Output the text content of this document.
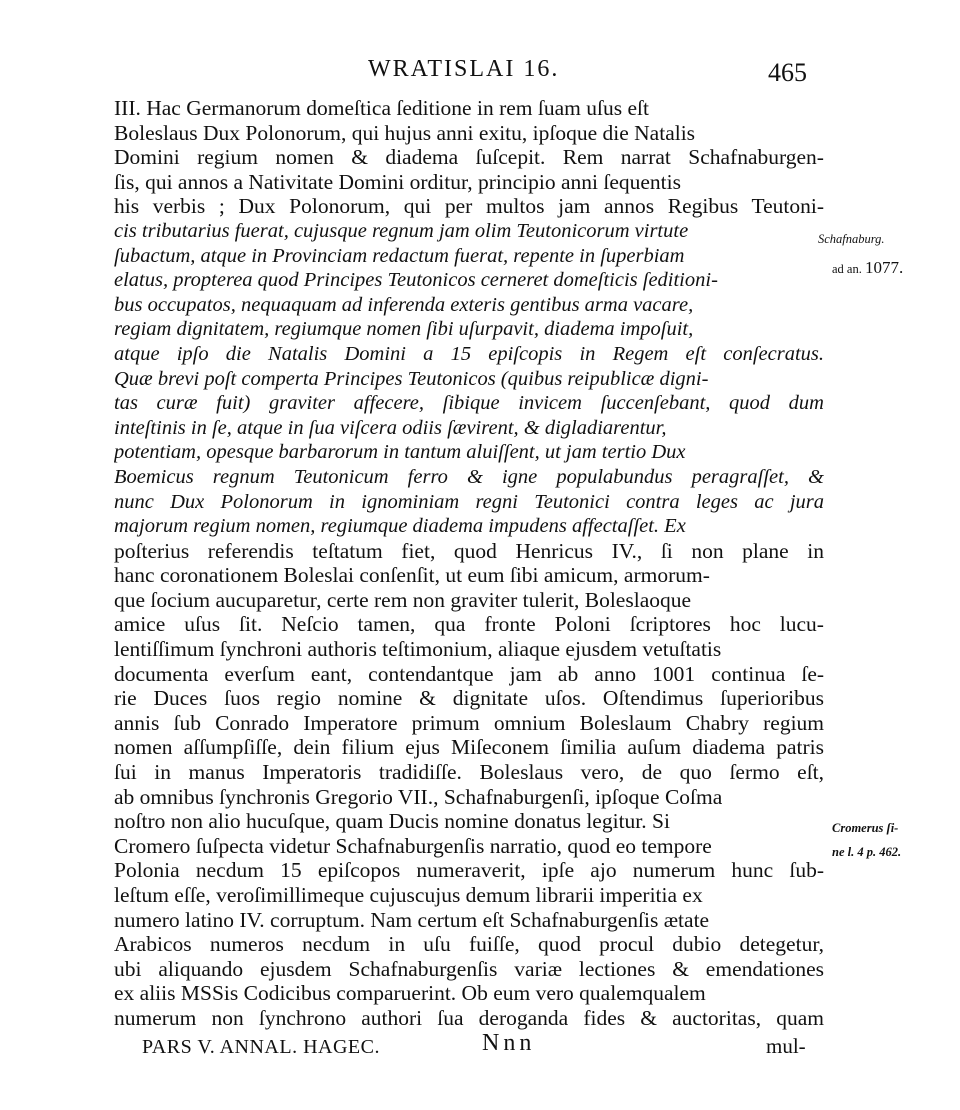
WRATISLAI 16.	465
III. Hac Germanorum domeſtica ſeditione in rem ſuam uſus eſt
Boleslaus Dux Polonorum, qui hujus anni exitu, ipſoque die Natalis
Domini regium nomen & diadema ſuſcepit. Rem narrat Schafnaburgen-
ſis, qui annos a Nativitate Domini orditur, principio anni ſequentis
his verbis ; Dux Polonorum, qui per multos jam annos Regibus Teutoni-
cis tributarius fuerat, cujusque regnum jam olim Teutonicorum virtute
ſubactum, atque in Provinciam redactum fuerat, repente in ſuperbiam
elatus, propterea quod Principes Teutonicos cerneret domeſticis ſeditioni-
bus occupatos, nequaquam ad inferenda exteris gentibus arma vacare,
regiam dignitatem, regiumque nomen ſibi uſurpavit, diadema impoſuit,
atque ipſo die Natalis Domini a 15 epiſcopis in Regem eſt conſecratus.
Quæ brevi poſt comperta Principes Teutonicos (quibus reipublicæ digni-
tas curæ fuit) graviter affecere, ſibique invicem ſuccenſebant, quod dum
inteſtinis in ſe, atque in ſua viſcera odiis ſævirent, & digladiarentur,
potentiam, opesque barbarorum in tantum aluiſſent, ut jam tertio Dux
Boemicus regnum Teutonicum ferro & igne populabundus peragraſſet, &
nunc Dux Polonorum in ignominiam regni Teutonici contra leges ac jura
majorum regium nomen, regiumque diadema impudens affectaſſet. Ex
poſterius referendis teſtatum fiet, quod Henricus IV., ſi non plane in
hanc coronationem Boleslai conſenſit, ut eum ſibi amicum, armorum-
que ſocium aucuparetur, certe rem non graviter tulerit, Boleslaoque
amice uſus ſit. Neſcio tamen, qua fronte Poloni ſcriptores hoc lucu-
lentiſſimum ſynchroni authoris teſtimonium, aliaque ejusdem vetuſtatis
documenta everſum eant, contendantque jam ab anno 1001 continua ſe-
rie Duces ſuos regio nomine & dignitate uſos. Oſtendimus ſuperioribus
annis ſub Conrado Imperatore primum omnium Boleslaum Chabry regium
nomen aſſumpſiſſe, dein filium ejus Miſeconem ſimilia auſum diadema patris
ſui in manus Imperatoris tradidiſſe. Boleslaus vero, de quo ſermo eſt,
ab omnibus ſynchronis Gregorio VII., Schafnaburgenſi, ipſoque Coſma
noſtro non alio hucuſque, quam Ducis nomine donatus legitur. Si
Cromero ſuſpecta videtur Schafnaburgenſis narratio, quod eo tempore
Polonia necdum 15 epiſcopos numeraverit, ipſe ajo numerum hunc ſub-
leſtum eſſe, veroſimillimeque cujuscujus demum librarii imperitia ex
numero latino IV. corruptum. Nam certum eſt Schafnaburgenſis ætate
Arabicos numeros necdum in uſu fuiſſe, quod procul dubio detegetur,
ubi aliquando ejusdem Schafnaburgenſis variæ lectiones & emendationes
ex aliis MSSis Codicibus comparuerint. Ob eum vero qualemqualem
numerum non ſynchrono authori ſua deroganda fides & auctoritas, quam
Schafnaburg.
ad an. 1077.
Cromerus ſi-
ne l. 4 p. 462.
PARS V. ANNAL. HAGEC.	Nnn	mul-
